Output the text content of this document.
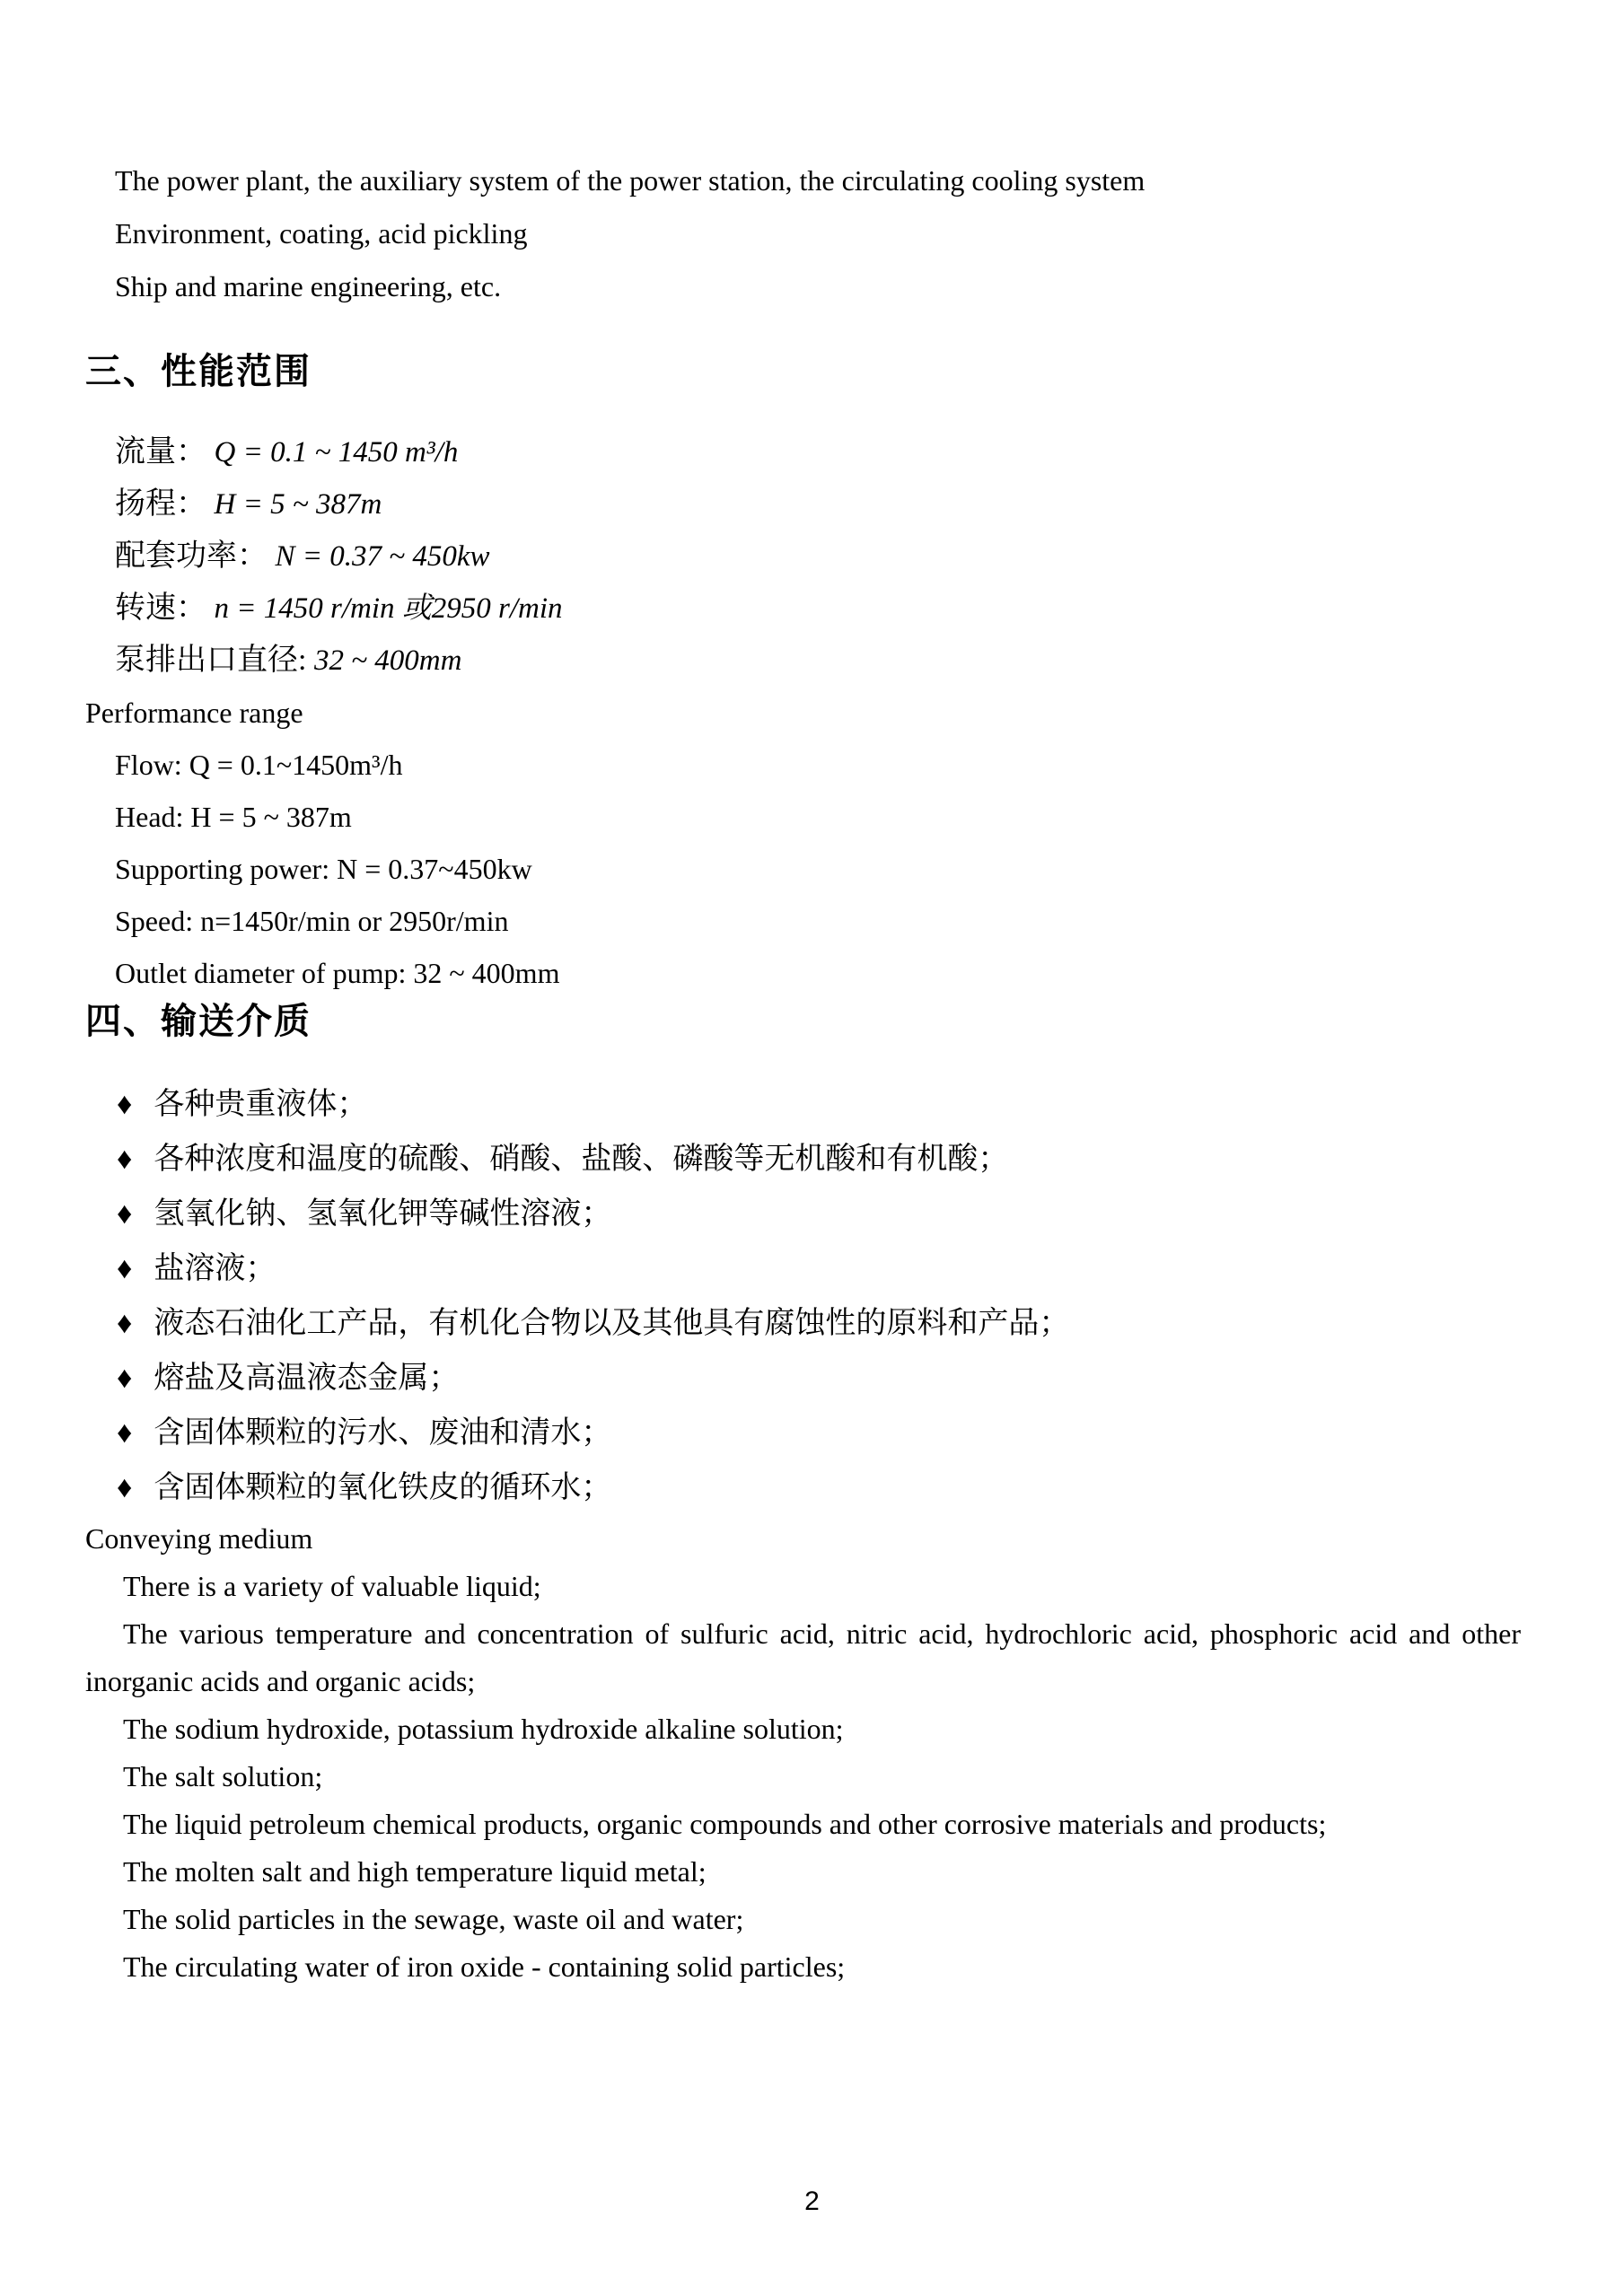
The power plant, the auxiliary system of the power station, the circulating cooling system
Environment, coating, acid pickling
Ship and marine engineering, etc.
三、性能范围
流量： Q = 0.1 ~ 1450 m³/h
扬程： H = 5 ~ 387m
配套功率： N = 0.37 ~ 450kw
转速： n = 1450 r/min 或2950 r/min
泵排出口直径: 32 ~ 400mm
Performance range
Flow: Q = 0.1~1450m³/h
Head: H = 5 ~ 387m
Supporting power: N = 0.37~450kw
Speed: n=1450r/min or 2950r/min
Outlet diameter of pump: 32 ~ 400mm
四、输送介质
♦ 各种贵重液体；
♦ 各种浓度和温度的硫酸、硝酸、盐酸、磷酸等无机酸和有机酸；
♦ 氢氧化钠、氢氧化钾等碱性溶液；
♦ 盐溶液；
♦ 液态石油化工产品，有机化合物以及其他具有腐蚀性的原料和产品；
♦ 熔盐及高温液态金属；
♦ 含固体颗粒的污水、废油和清水；
♦ 含固体颗粒的氧化铁皮的循环水；
Conveying medium

There is a variety of valuable liquid;

The various temperature and concentration of sulfuric acid, nitric acid, hydrochloric acid, phosphoric acid and other inorganic acids and organic acids;

The sodium hydroxide, potassium hydroxide alkaline solution;

The salt solution;

The liquid petroleum chemical products, organic compounds and other corrosive materials and products;

The molten salt and high temperature liquid metal;

The solid particles in the sewage, waste oil and water;

The circulating water of iron oxide - containing solid particles;

2
